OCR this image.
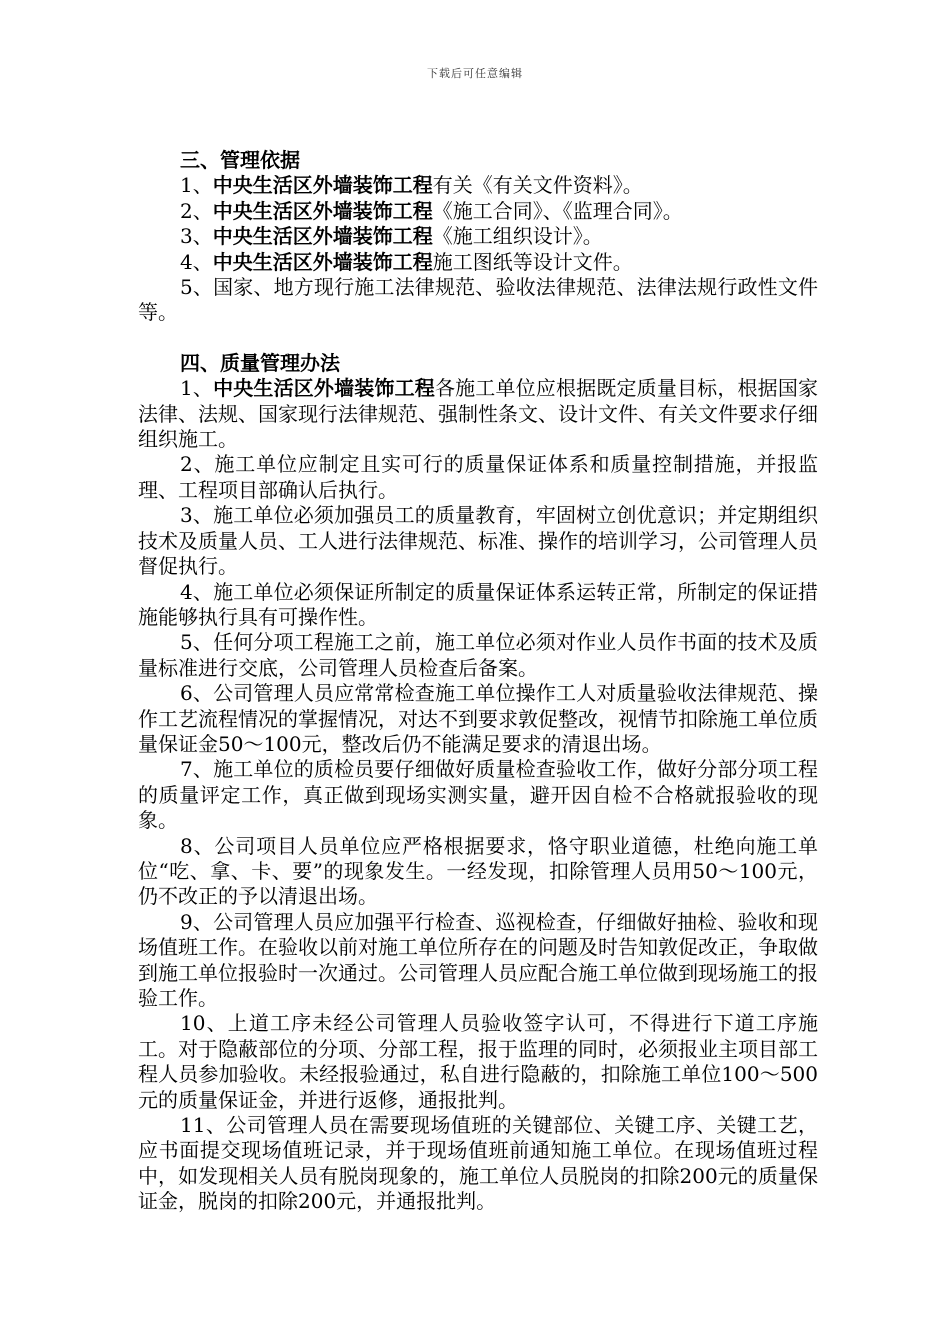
下载后可任意编辑

三、管理依据

1、中央生活区外墙装饰工程有关《有关文件资料》。

2、中央生活区外墙装饰工程《施工合同》、《监理合同》。

3、中央生活区外墙装饰工程《施工组织设计》。

4、中央生活区外墙装饰工程施工图纸等设计文件。

5、国家、地方现行施工法律规范、验收法律规范、法律法规行政性文件等。

四、质量管理办法

1、中央生活区外墙装饰工程各施工单位应根据既定质量目标，根据国家法律、法规、国家现行法律规范、强制性条文、设计文件、有关文件要求仔细组织施工。

2、施工单位应制定且实可行的质量保证体系和质量控制措施，并报监理、工程项目部确认后执行。

3、施工单位必须加强员工的质量教育，牢固树立创优意识；并定期组织技术及质量人员、工人进行法律规范、标准、操作的培训学习，公司管理人员督促执行。

4、施工单位必须保证所制定的质量保证体系运转正常，所制定的保证措施能够执行具有可操作性。

5、任何分项工程施工之前，施工单位必须对作业人员作书面的技术及质量标准进行交底，公司管理人员检查后备案。

6、公司管理人员应常常检查施工单位操作工人对质量验收法律规范、操作工艺流程情况的掌握情况，对达不到要求敦促整改，视情节扣除施工单位质量保证金50～100元，整改后仍不能满足要求的清退出场。

7、施工单位的质检员要仔细做好质量检查验收工作，做好分部分项工程的质量评定工作，真正做到现场实测实量，避开因自检不合格就报验收的现象。

8、公司项目人员单位应严格根据要求，恪守职业道德，杜绝向施工单位“吃、拿、卡、要”的现象发生。一经发现，扣除管理人员用50～100元，仍不改正的予以清退出场。

9、公司管理人员应加强平行检查、巡视检查，仔细做好抽检、验收和现场值班工作。在验收以前对施工单位所存在的问题及时告知敦促改正，争取做到施工单位报验时一次通过。公司管理人员应配合施工单位做到现场施工的报验工作。

10、上道工序未经公司管理人员验收签字认可，不得进行下道工序施工。对于隐蔽部位的分项、分部工程，报于监理的同时，必须报业主项目部工程人员参加验收。未经报验通过，私自进行隐蔽的，扣除施工单位100～500元的质量保证金，并进行返修，通报批判。

11、公司管理人员在需要现场值班的关键部位、关键工序、关键工艺，应书面提交现场值班记录，并于现场值班前通知施工单位。在现场值班过程中，如发现相关人员有脱岗现象的，施工单位人员脱岗的扣除200元的质量保证金，脱岗的扣除200元，并通报批判。
